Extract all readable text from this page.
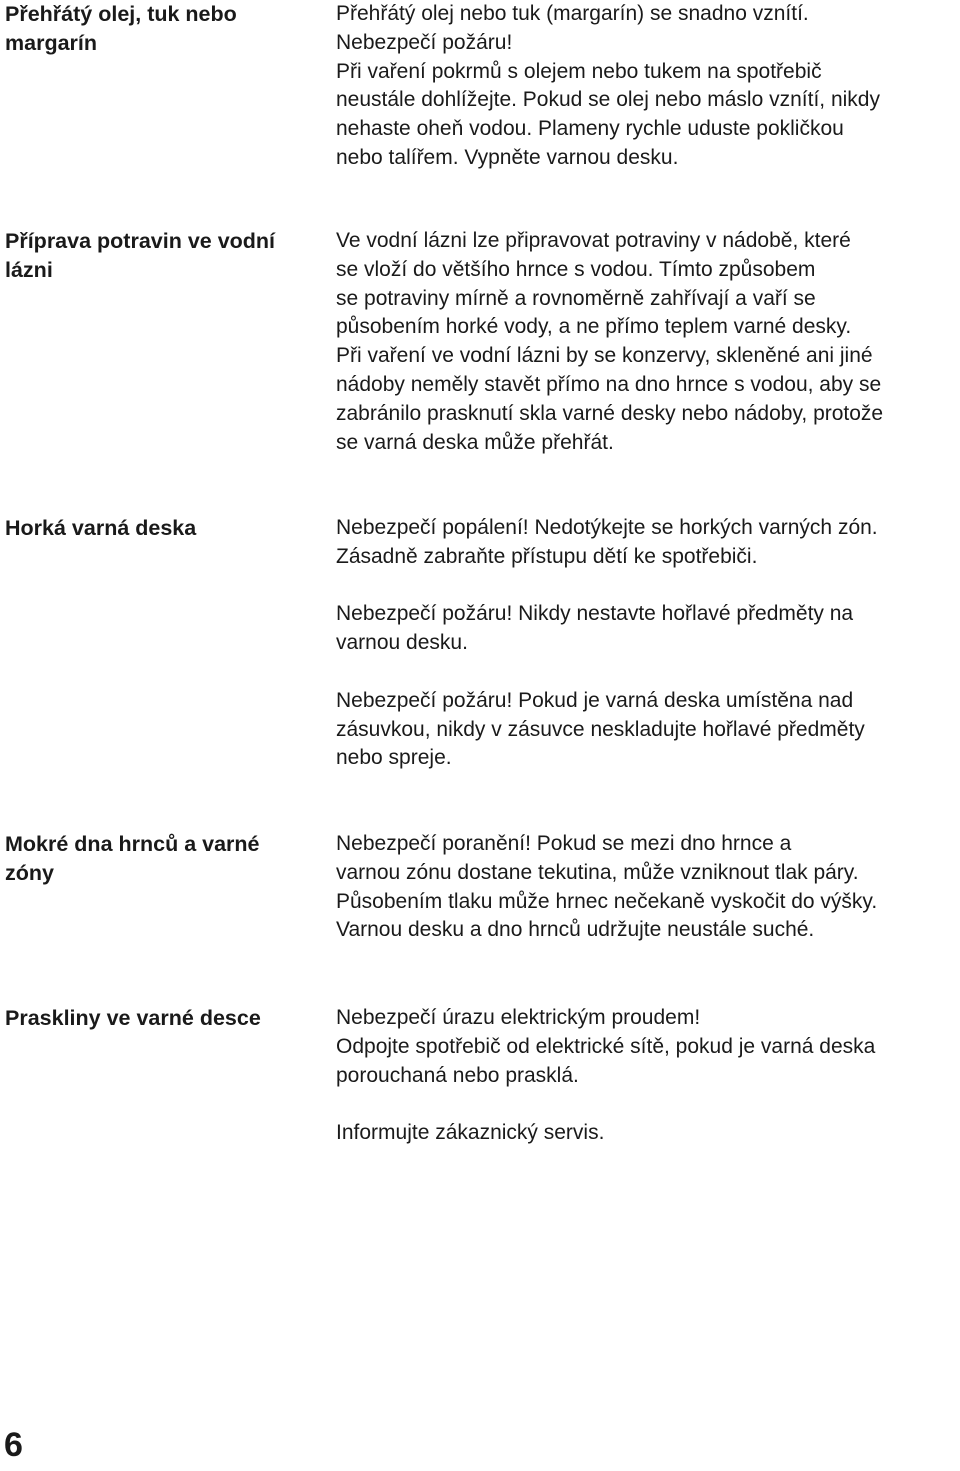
Přehřátý olej, tuk nebo
margarín

Přehřátý olej nebo tuk (margarín) se snadno vznítí.
Nebezpečí požáru!
Při vaření pokrmů s olejem nebo tukem na spotřebič
neustále dohlížejte. Pokud se olej nebo máslo vznítí, nikdy
nehaste oheň vodou. Plameny rychle uduste pokličkou
nebo talířem. Vypněte varnou desku.

Příprava potravin ve vodní
lázni

Ve vodní lázni lze připravovat potraviny v nádobě, které
se vloží do většího hrnce s vodou. Tímto způsobem
se potraviny mírně a rovnoměrně zahřívají a vaří se
působením horké vody, a ne přímo teplem varné desky.
Při vaření ve vodní lázni by se konzervy, skleněné ani jiné
nádoby neměly stavět přímo na dno hrnce s vodou, aby se
zabránilo prasknutí skla varné desky nebo nádoby, protože
se varná deska může přehřát.

Horká varná deska	Nebezpečí popálení! Nedotýkejte se horkých varných zón.
Zásadně zabraňte přístupu dětí ke spotřebiči.

Nebezpečí požáru! Nikdy nestavte hořlavé předměty na
varnou desku.

Nebezpečí požáru! Pokud je varná deska umístěna nad
zásuvkou, nikdy v zásuvce neskladujte hořlavé předměty
nebo spreje.

Mokré dna hrnců a varné
zóny

Nebezpečí poranění! Pokud se mezi dno hrnce a
varnou zónu dostane tekutina, může vzniknout tlak páry.
Působením tlaku může hrnec nečekaně vyskočit do výšky.
Varnou desku a dno hrnců udržujte neustále suché.

Praskliny ve varné desce	Nebezpečí úrazu elektrickým proudem!
Odpojte spotřebič od elektrické sítě, pokud je varná deska
porouchaná nebo prasklá.

Informujte zákaznický servis.

6
